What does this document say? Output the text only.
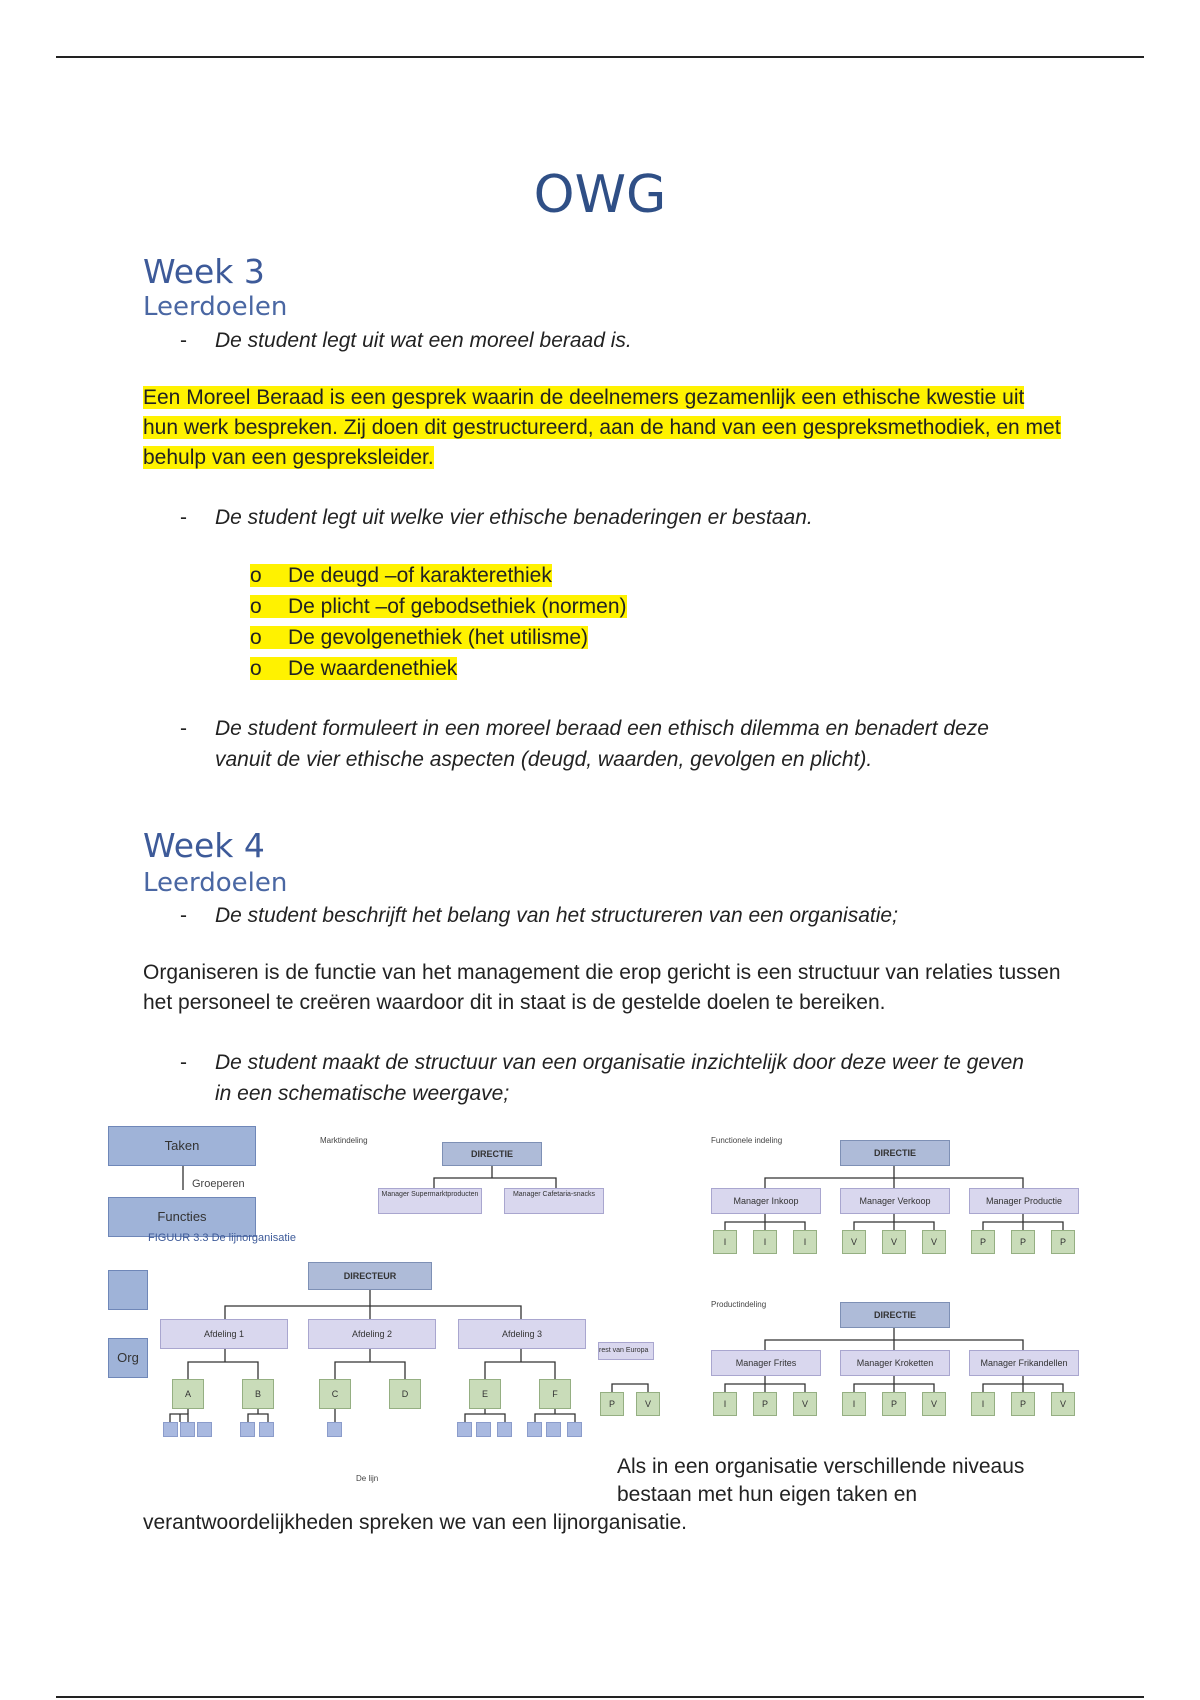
OWG
Week 3
Leerdoelen
-	De student legt uit wat een moreel beraad is.
Een Moreel Beraad is een gesprek waarin de deelnemers gezamenlijk een ethische kwestie uit hun werk bespreken. Zij doen dit gestructureerd, aan de hand van een gespreksmethodiek, en met behulp van een gespreksleider.
-	De student legt uit welke vier ethische benaderingen er bestaan.
o De deugd –of karakterethiek
o De plicht –of gebodsethiek (normen)
o De gevolgenethiek (het utilisme)
o De waardenethiek
-	De student formuleert in een moreel beraad een ethisch dilemma en benadert deze vanuit de vier ethische aspecten (deugd, waarden, gevolgen en plicht).
Week 4
Leerdoelen
-	De student beschrijft het belang van het structureren van een organisatie;
Organiseren is de functie van het management die erop gericht is een structuur van relaties tussen het personeel te creëren waardoor dit in staat is de gestelde doelen te bereiken.
-	De student maakt de structuur van een organisatie inzichtelijk door deze weer te geven in een schematische weergave;
Taken
Groeperen
Functies
Org
Marktindeling
DIRECTIE
Manager Supermarktproducten	Manager Cafetaria-snacks
FIGUUR 3.3 De lijnorganisatie
DIRECTEUR
Afdeling 1	Afdeling 2	Afdeling 3
A	B	C	D	E	F
De lijn
rest van Europa
P	V
Functionele indeling
DIRECTIE
Manager Inkoop	Manager Verkoop	Manager Productie
I	I	I	V	V	V	P	P	P
Productindeling
DIRECTIE
Manager Frites	Manager Kroketten	Manager Frikandellen
I	P	V	I	P	V	I	P	V
Als in een organisatie verschillende niveaus
bestaan met hun eigen taken en
verantwoordelijkheden spreken we van een lijnorganisatie.
